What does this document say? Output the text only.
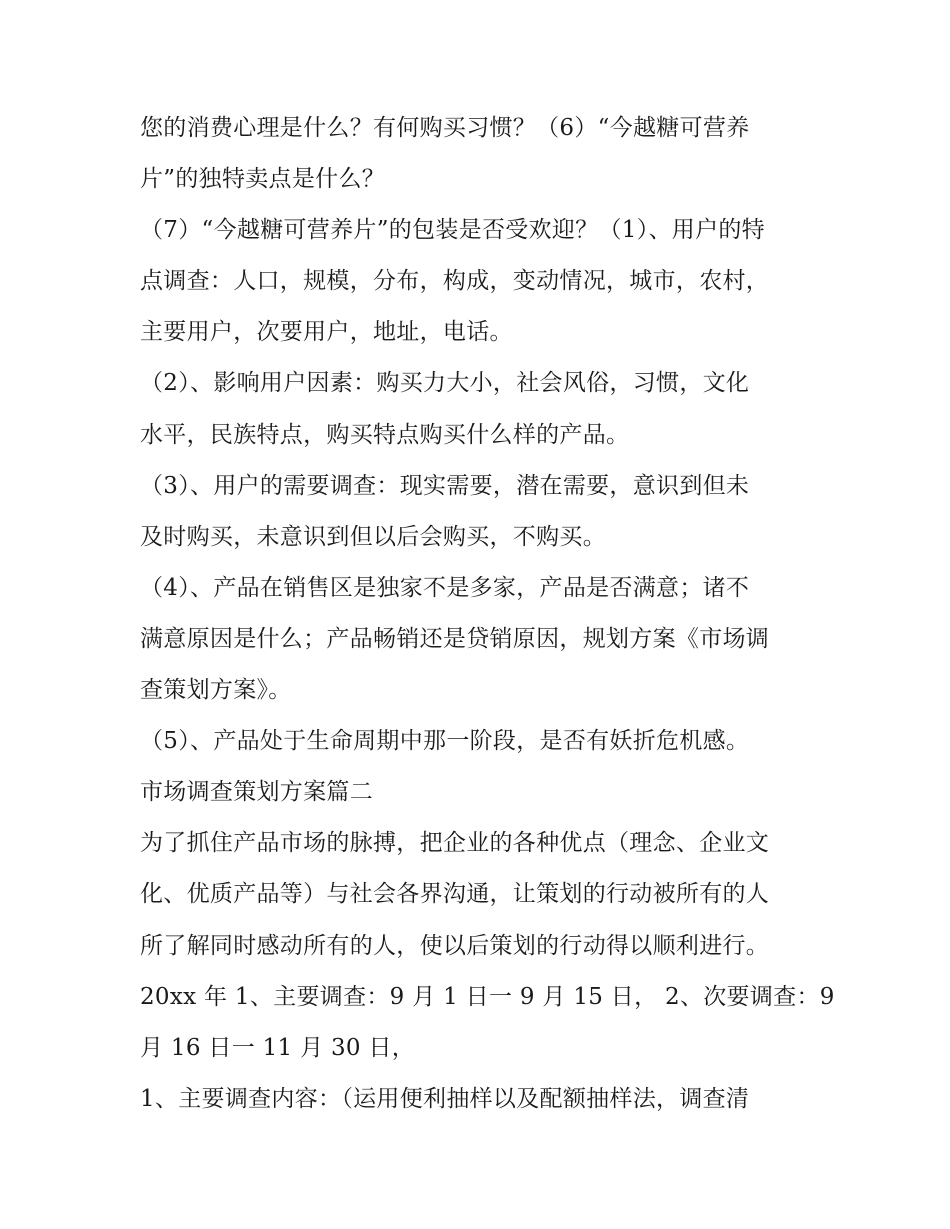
您的消费心理是什么？有何购买习惯？（6）“今越糖可营养
片”的独特卖点是什么？
（7）“今越糖可营养片”的包装是否受欢迎？（1）、用户的特
点调查：人口，规模，分布，构成，变动情况，城市，农村，
主要用户，次要用户，地址，电话。
（2）、影响用户因素：购买力大小，社会风俗，习惯，文化
水平，民族特点，购买特点购买什么样的产品。
（3）、用户的需要调查：现实需要，潜在需要，意识到但未
及时购买，未意识到但以后会购买，不购买。
（4）、产品在销售区是独家不是多家，产品是否满意；诸不
满意原因是什么；产品畅销还是贷销原因，规划方案《市场调
查策划方案》。
（5）、产品处于生命周期中那一阶段，是否有妖折危机感。
市场调查策划方案篇二
为了抓住产品市场的脉搏，把企业的各种优点（理念、企业文
化、优质产品等）与社会各界沟通，让策划的行动被所有的人
所了解同时感动所有的人，使以后策划的行动得以顺利进行。
20xx 年 1、主要调查：9 月 1 日一 9 月 15 日， 2、次要调查：9
月 16 日一 11 月 30 日，
1、主要调查内容：（运用便利抽样以及配额抽样法，调查清
